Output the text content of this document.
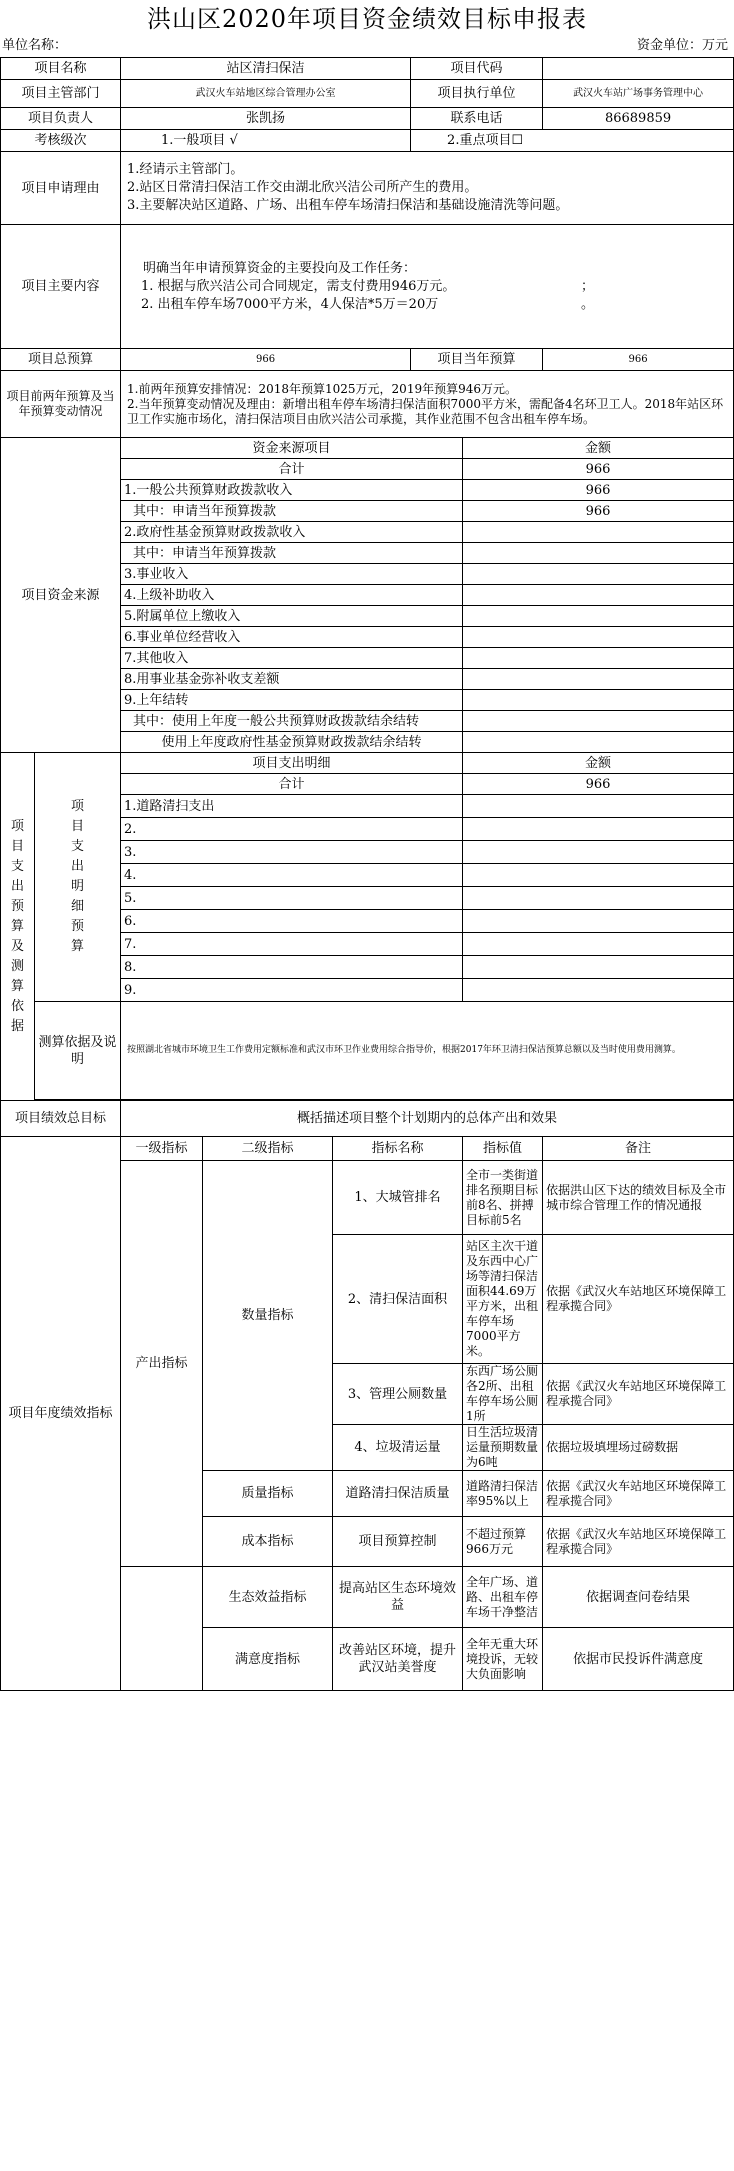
洪山区2020年项目资金绩效目标申报表
单位名称：	资金单位：万元
项目名称		站区清扫保洁			项目代码		
项目主管部门		武汉火车站地区综合管理办公室			项目执行单位		武汉火车站广场事务管理中心
项目负责人		张凯扬			联系电话		86689859
考核级次		1.一般项目 √			2.重点项目☐		
项目申请理由		1.经请示主管部门。
2.站区日常清扫保洁工作交由湖北欣兴洁公司所产生的费用。
3.主要解决站区道路、广场、出租车停车场清扫保洁和基础设施清洗等问题。					

项目主要内容		明确当年申请预算资金的主要投向及工作任务：
1. 根据与欣兴洁公司合同规定，需支付费用946万元。
2. 出租车停车场7000平方米，4人保洁*5万＝20万
；
。					

项目总预算		966			项目当年预算		966
项目前两年预算及当年预算变动情况		1.前两年预算安排情况：2018年预算1025万元，2019年预算946万元。
2.当年预算变动情况及理由：新增出租车停车场清扫保洁面积7000平方米，需配备4名环卫工人。2018年站区环卫工作实施市场化，清扫保洁项目由欣兴洁公司承揽，其作业范围不包含出租车停车场。					

项目资金来源		资金来源项目				金额	
		合计				966	
		1.一般公共预算财政拨款收入				966	
		其中：申请当年预算拨款				966	
		2.政府性基金预算财政拨款收入					
		其中：申请当年预算拨款					
		3.事业收入					
		4.上级补助收入					
		5.附属单位上缴收入					
		6.事业单位经营收入					
		7.其他收入					
		8.用事业基金弥补收支差额					
		9.上年结转					
		其中：使用上年度一般公共预算财政拨款结余结转					
		使用上年度政府性基金预算财政拨款结余结转					

项目支出预算及测算依据	项目支出明细预算	项目支出明细				金额	
		合计				966	
		1.道路清扫支出					
		2.					
		3.					
		4.					
		5.					
		6.					
		7.					
		8.					
		9.					
	测算依据及说明	按照湖北省城市环境卫生工作费用定额标准和武汉市环卫作业费用综合指导价，根据2017年环卫清扫保洁预算总额以及当时使用费用测算。					

项目绩效总目标		概括描述项目整个计划期内的总体产出和效果					
项目年度绩效指标		一级指标	二级指标	指标名称		指标值	备注
		产出指标	数量指标	1、大城管排名		全市一类街道排名预期目标前8名、拼搏目标前5名	依据洪山区下达的绩效目标及全市城市综合管理工作的情况通报
				2、清扫保洁面积		站区主次干道及东西中心广场等清扫保洁面积44.69万平方米，出租车停车场7000平方米。	依据《武汉火车站地区环境保障工程承揽合同》
				3、管理公厕数量		东西广场公厕各2所、出租车停车场公厕1所	依据《武汉火车站地区环境保障工程承揽合同》
				4、垃圾清运量		日生活垃圾清运量预期数量为6吨	依据垃圾填埋场过磅数据
			质量指标	道路清扫保洁质量		道路清扫保洁率95%以上	依据《武汉火车站地区环境保障工程承揽合同》
			成本指标	项目预算控制		不超过预算966万元	依据《武汉火车站地区环境保障工程承揽合同》
			生态效益指标	提高站区生态环境效益		全年广场、道路、出租车停车场干净整洁	依据调查问卷结果
			满意度指标	改善站区环境，提升武汉站美誉度		全年无重大环境投诉，无较大负面影响	依据市民投诉件满意度
